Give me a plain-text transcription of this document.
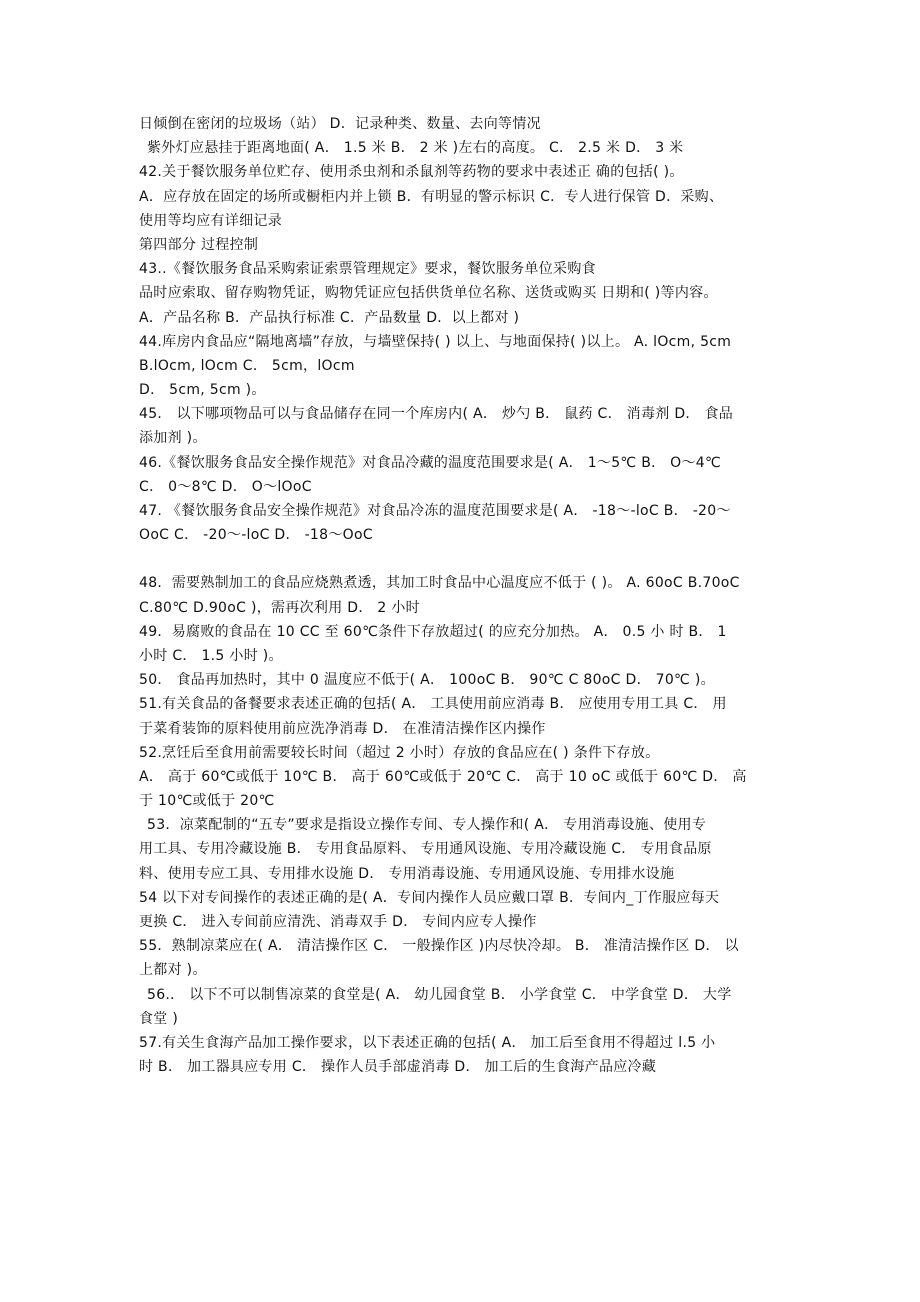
日倾倒在密闭的垃圾场（站） D．记录种类、数量、去向等情况
紫外灯应悬挂于距离地面( A． 1.5 米 B． 2 米 )左右的高度。 C． 2.5 米 D． 3 米
42.关于餐饮服务单位贮存、使用杀虫剂和杀鼠剂等药物的要求中表述正 确的包括( )。
A．应存放在固定的场所或橱柜内并上锁 B．有明显的警示标识 C．专人进行保管 D．采购、
使用等均应有详细记录
第四部分 过程控制
43..《餐饮服务食品采购索证索票管理规定》要求，餐饮服务单位采购食
品时应索取、留存购物凭证，购物凭证应包括供货单位名称、送货或购买 日期和( )等内容。
A．产品名称 B．产品执行标准 C．产品数量 D．以上都对 )
44.库房内食品应“隔地离墙”存放，与墙壁保持( ) 以上、与地面保持( )以上。 A. lOcm, 5cm
B.lOcm, lOcm C． 5cm，lOcm
D． 5cm, 5cm )。
45． 以下哪项物品可以与食品储存在同一个库房内( A． 炒勺 B． 鼠药 C． 消毒剂 D． 食品
添加剂 )。
46.《餐饮服务食品安全操作规范》对食品冷藏的温度范围要求是( A． 1～5℃ B． O～4℃
C． 0～8℃ D． O～lOoC
47. 《餐饮服务食品安全操作规范》对食品冷冻的温度范围要求是( A． -18～-loC B． -20～
OoC C． -20～-loC D． -18～OoC
48．需要熟制加工的食品应烧熟煮透，其加工时食品中心温度应不低于 ( )。 A. 60oC B.70oC
C.80℃ D.90oC )，需再次利用 D． 2 小时
49．易腐败的食品在 10 CC 至 60℃条件下存放超过( 的应充分加热。 A． 0.5 小 时 B． 1
小时 C． 1.5 小时 )。
50． 食品再加热时，其中 0 温度应不低于( A． 100oC B． 90℃ C 80oC D． 70℃ )。
51.有关食品的备餐要求表述正确的包括( A． 工具使用前应消毒 B． 应使用专用工具 C． 用
于菜肴装饰的原料使用前应洗净消毒 D． 在准清洁操作区内操作
52.烹饪后至食用前需要较长时间（超过 2 小时）存放的食品应在( ) 条件下存放。
A． 高于 60℃或低于 10℃ B． 高于 60℃或低于 20℃ C． 高于 10 oC 或低于 60℃ D． 高
于 10℃或低于 20℃
53．凉菜配制的“五专”要求是指设立操作专间、专人操作和( A． 专用消毒设施、使用专
用工具、专用冷藏设施 B． 专用食品原料、 专用通风设施、专用冷藏设施 C． 专用食品原
料、使用专应工具、专用排水设施 D． 专用消毒设施、专用通风设施、专用排水设施
54 以下对专间操作的表述正确的是( A．专间内操作人员应戴口罩 B．专间内_丁作服应每天
更换 C． 进入专间前应清洗、消毒双手 D． 专间内应专人操作
55．熟制凉菜应在( A． 清洁操作区 C． 一般操作区 )内尽快冷却。 B． 准清洁操作区 D． 以
上都对 )。
56.． 以下不可以制售凉菜的食堂是( A． 幼儿园食堂 B． 小学食堂 C． 中学食堂 D． 大学
食堂 )
57.有关生食海产品加工操作要求，以下表述正确的包括( A． 加工后至食用不得超过 l.5 小
时 B． 加工器具应专用 C． 操作人员手部虚消毒 D． 加工后的生食海产品应冷藏
